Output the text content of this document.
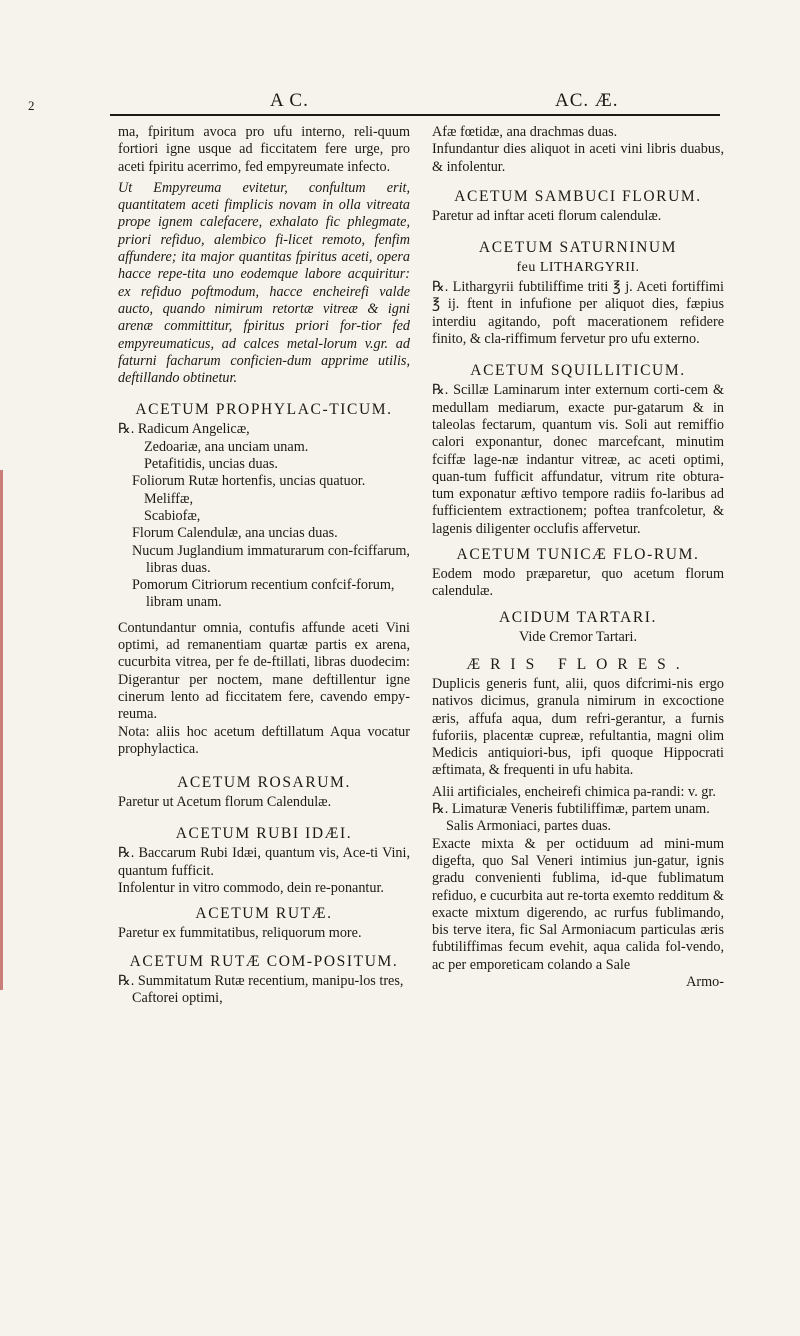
2	A C.	AC. Æ.

ma, fpiritum avoca pro ufu interno, reli-quum fortiori igne usque ad ficcitatem fere urge, pro aceti fpiritu acerrimo, fed empyreumate infecto.

Ut Empyreuma evitetur, confultum erit, quantitatem aceti fimplicis novam in olla vitreata prope ignem calefacere, exhalato fic phlegmate, priori refiduo, alembico fi-licet remoto, fenfim affundere; ita major quantitas fpiritus aceti, opera hacce repe-tita uno eodemque labore acquiritur: ex refiduo poftmodum, hacce encheirefi valde aucto, quando nimirum retortæ vitreæ & igni arenæ committitur, fpiritus priori for-tior fed empyreumaticus, ad calces metal-lorum v.gr. ad faturni facharum conficien-dum apprime utilis, deftillando obtinetur.

ACETUM PROPHYLAC-TICUM.

℞. Radicum Angelicæ,

Zedoariæ, ana unciam unam.

Petafitidis, uncias duas.

Foliorum Rutæ hortenfis, uncias quatuor.

Meliffæ,

Scabiofæ,

Florum Calendulæ, ana uncias duas.

Nucum Juglandium immaturarum con-fciffarum, libras duas.

Pomorum Citriorum recentium confcif-forum, libram unam.

Contundantur omnia, contufis affunde aceti Vini optimi, ad remanentiam quartæ partis ex arena, cucurbita vitrea, per fe de-ftillati, libras duodecim: Digerantur per noctem, mane deftillentur igne cinerum lento ad ficcitatem fere, cavendo empy-reuma.

Nota: aliis hoc acetum deftillatum Aqua vocatur prophylactica.

ACETUM ROSARUM.

Paretur ut Acetum florum Calendulæ.

ACETUM RUBI IDÆI.

℞. Baccarum Rubi Idæi, quantum vis, Ace-ti Vini, quantum fufficit.

Infolentur in vitro commodo, dein re-ponantur.

ACETUM RUTÆ.

Paretur ex fummitatibus, reliquorum more.

ACETUM RUTÆ COM-POSITUM.

℞. Summitatum Rutæ recentium, manipu-los tres,

Caftorei optimi,

Afæ fœtidæ, ana drachmas duas.

Infundantur dies aliquot in aceti vini libris duabus, & infolentur.

ACETUM SAMBUCI FLORUM.

Paretur ad inftar aceti florum calendulæ.

ACETUM SATURNINUM
feu LITHARGYRII.

℞. Lithargyrii fubtiliffime triti ℥ j. Aceti fortiffimi ℥ ij. ftent in infufione per aliquot dies, fæpius interdiu agitando, poft macerationem refidere finito, & cla-riffimum fervetur pro ufu externo.

ACETUM SQUILLITICUM.

℞. Scillæ Laminarum inter externum corti-cem & medullam mediarum, exacte pur-gatarum & in taleolas fectarum, quantum vis. Soli aut remiffio calori exponantur, donec marcefcant, minutim fciffæ lage-næ indantur vitreæ, ac aceti optimi, quan-tum fufficit affundatur, vitrum rite obtura-tum exponatur æftivo tempore radiis fo-laribus ad fufficientem extractionem; poftea tranfcoletur, & lagenis diligenter occlufis affervetur.

ACETUM TUNICÆ FLO-RUM.

Eodem modo præparetur, quo acetum florum calendulæ.

ACIDUM TARTARI.

Vide Cremor Tartari.

ÆRIS FLORES.

Duplicis generis funt, alii, quos difcrimi-nis ergo nativos dicimus, granula nimirum in excoctione æris, affufa aqua, dum refri-gerantur, a furnis fuforiis, placentæ cupreæ, refultantia, magni olim Medicis antiquiori-bus, ipfi quoque Hippocrati æftimata, & frequenti in ufu habita.

Alii artificiales, encheirefi chimica pa-randi: v. gr.

℞. Limaturæ Veneris fubtiliffimæ, partem unam.

Salis Armoniaci, partes duas.

Exacte mixta & per octiduum ad mini-mum digefta, quo Sal Veneri intimius jun-gatur, ignis gradu convenienti fublima, id-que fublimatum refiduo, e cucurbita aut re-torta exemto redditum & exacte mixtum digerendo, ac rurfus fublimando, bis terve itera, fic Sal Armoniacum particulas æris fubtiliffimas fecum evehit, aqua calida fol-vendo, ac per emporeticam colando a Sale

Armo-
